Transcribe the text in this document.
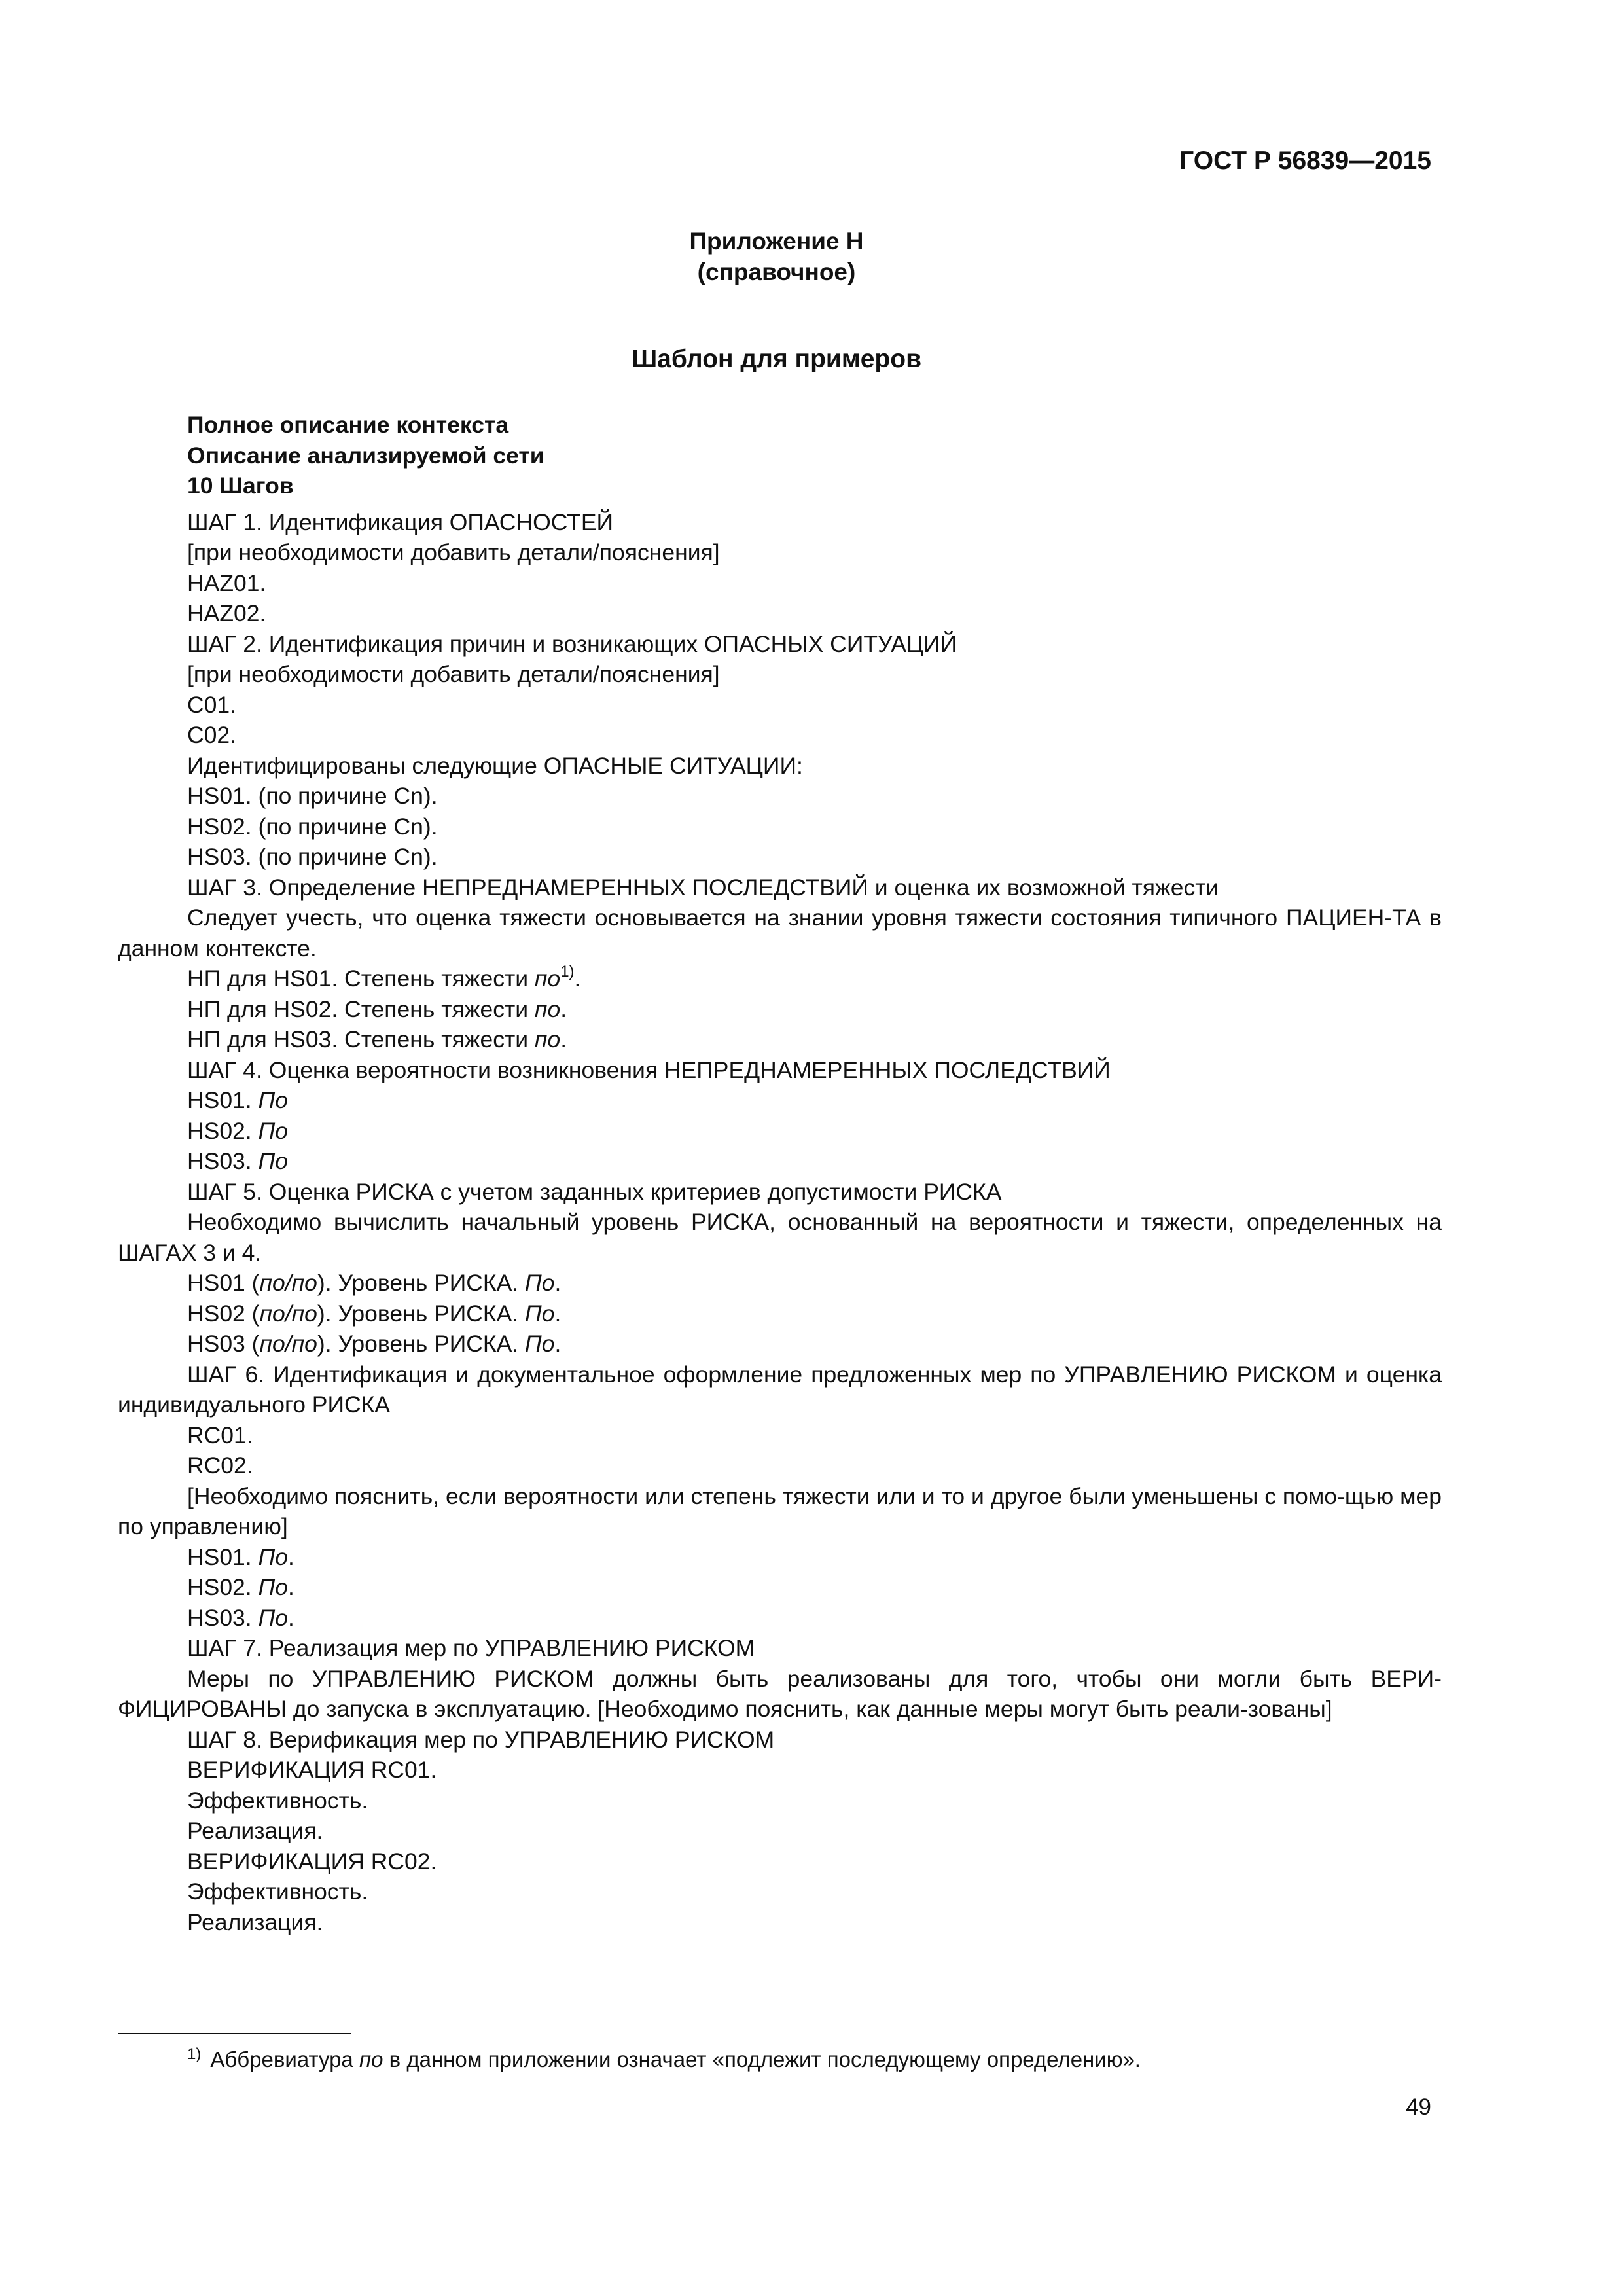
ГОСТ Р 56839—2015
Приложение Н
(справочное)
Шаблон для примеров
Полное описание контекста
Описание анализируемой сети
10 Шагов
ШАГ 1. Идентификация ОПАСНОСТЕЙ
[при необходимости добавить детали/пояснения]
HAZ01.
HAZ02.
ШАГ 2. Идентификация причин и возникающих ОПАСНЫХ СИТУАЦИЙ
[при необходимости добавить детали/пояснения]
С01.
С02.
Идентифицированы следующие ОПАСНЫЕ СИТУАЦИИ:
HS01. (по причине Сn).
HS02. (по причине Сn).
HS03. (по причине Сn).
ШАГ 3. Определение НЕПРЕДНАМЕРЕННЫХ ПОСЛЕДСТВИЙ и оценка их возможной тяжести
Следует учесть, что оценка тяжести основывается на знании уровня тяжести состояния типичного ПАЦИЕН-ТА в данном контексте.
НП для HS01. Степень тяжести $по^{1)}$.
НП для HS02. Степень тяжести по.
НП для HS03. Степень тяжести по.
ШАГ 4. Оценка вероятности возникновения НЕПРЕДНАМЕРЕННЫХ ПОСЛЕДСТВИЙ
HS01. По
HS02. По
HS03. По
ШАГ 5. Оценка РИСКА с учетом заданных критериев допустимости РИСКА
Необходимо вычислить начальный уровень РИСКА, основанный на вероятности и тяжести, определенных на ШАГАХ 3 и 4.
HS01 (по/по). Уровень РИСКА. По.
HS02 (по/по). Уровень РИСКА. По.
HS03 (по/по). Уровень РИСКА. По.
ШАГ 6. Идентификация и документальное оформление предложенных мер по УПРАВЛЕНИЮ РИСКОМ и оценка индивидуального РИСКА
RC01.
RC02.
[Необходимо пояснить, если вероятности или степень тяжести или и то и другое были уменьшены с помо-щью мер по управлению]
HS01. По.
HS02. По.
HS03. По.
ШАГ 7. Реализация мер по УПРАВЛЕНИЮ РИСКОМ
Меры по УПРАВЛЕНИЮ РИСКОМ должны быть реализованы для того, чтобы они могли быть ВЕРИ-ФИЦИРОВАНЫ до запуска в эксплуатацию. [Необходимо пояснить, как данные меры могут быть реали-зованы]
ШАГ 8. Верификация мер по УПРАВЛЕНИЮ РИСКОМ
ВЕРИФИКАЦИЯ RC01.
Эффективность.
Реализация.
ВЕРИФИКАЦИЯ RC02.
Эффективность.
Реализация.
$^{1)}$ Аббревиатура по в данном приложении означает «подлежит последующему определению».
49
